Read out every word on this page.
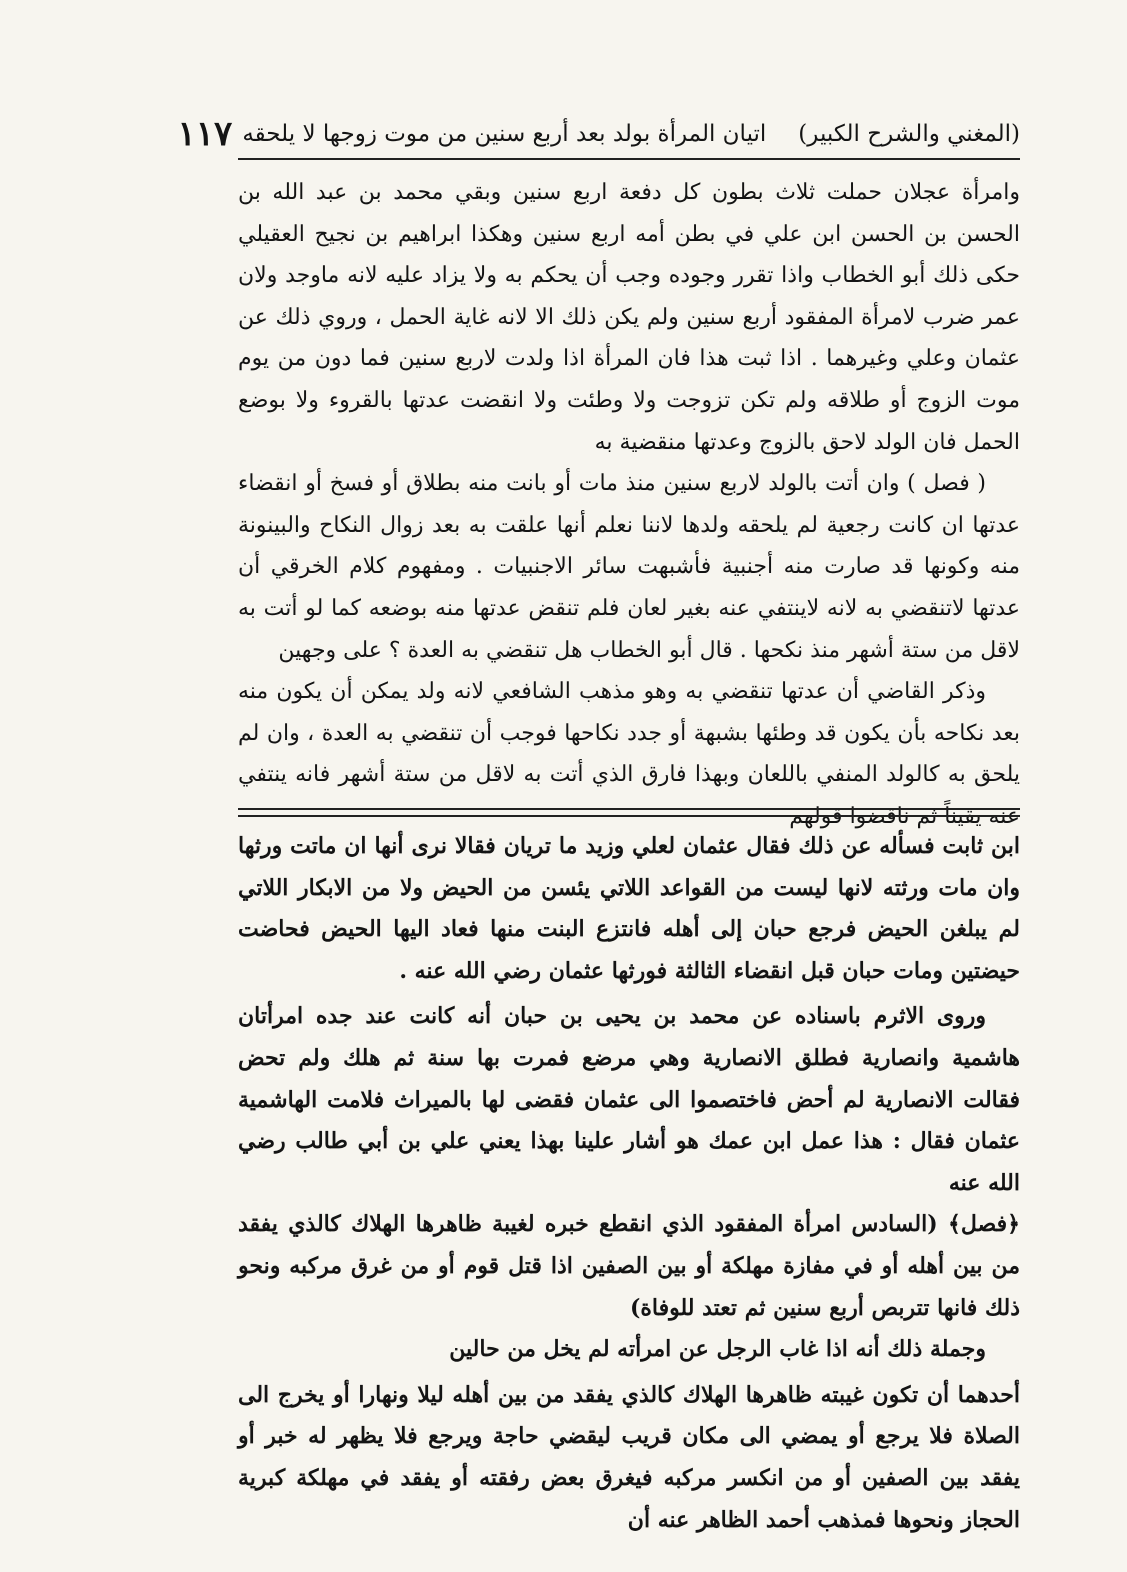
(المغني والشرح الكبير)
اتيان المرأة بولد بعد أربع سنين من موت زوجها لا يلحقه
١١٧

وامرأة عجلان حملت ثلاث بطون كل دفعة اربع سنين وبقي محمد بن عبد الله بن الحسن بن الحسن ابن علي في بطن أمه اربع سنين وهكذا ابراهيم بن نجيح العقيلي حكى ذلك أبو الخطاب واذا تقرر وجوده وجب أن يحكم به ولا يزاد عليه لانه ماوجد ولان عمر ضرب لامرأة المفقود أربع سنين ولم يكن ذلك الا لانه غاية الحمل ، وروي ذلك عن عثمان وعلي وغيرهما . اذا ثبت هذا فان المرأة اذا ولدت لاربع سنين فما دون من يوم موت الزوج أو طلاقه ولم تكن تزوجت ولا وطئت ولا انقضت عدتها بالقروء ولا بوضع الحمل فان الولد لاحق بالزوج وعدتها منقضية به

( فصل ) وان أتت بالولد لاربع سنين منذ مات أو بانت منه بطلاق أو فسخ أو انقضاء عدتها ان كانت رجعية لم يلحقه ولدها لاننا نعلم أنها علقت به بعد زوال النكاح والبينونة منه وكونها قد صارت منه أجنبية فأشبهت سائر الاجنبيات . ومفهوم كلام الخرقي أن عدتها لاتنقضي به لانه لاينتفي عنه بغير لعان فلم تنقض عدتها منه بوضعه كما لو أتت به لاقل من ستة أشهر منذ نكحها . قال أبو الخطاب هل تنقضي به العدة ؟ على وجهين

وذكر القاضي أن عدتها تنقضي به وهو مذهب الشافعي لانه ولد يمكن أن يكون منه بعد نكاحه بأن يكون قد وطئها بشبهة أو جدد نكاحها فوجب أن تنقضي به العدة ، وان لم يلحق به كالولد المنفي باللعان وبهذا فارق الذي أتت به لاقل من ستة أشهر فانه ينتفي عنه يقيناً ثم ناقضوا قولهم

ابن ثابت فسأله عن ذلك فقال عثمان لعلي وزيد ما تريان فقالا نرى أنها ان ماتت ورثها وان مات ورثته لانها ليست من القواعد اللاتي يئسن من الحيض ولا من الابكار اللاتي لم يبلغن الحيض فرجع حبان إلى أهله فانتزع البنت منها فعاد اليها الحيض فحاضت حيضتين ومات حبان قبل انقضاء الثالثة فورثها عثمان رضي الله عنه .

وروى الاثرم باسناده عن محمد بن يحيى بن حبان أنه كانت عند جده امرأتان هاشمية وانصارية فطلق الانصارية وهي مرضع فمرت بها سنة ثم هلك ولم تحض فقالت الانصارية لم أحض فاختصموا الى عثمان فقضى لها بالميراث فلامت الهاشمية عثمان فقال : هذا عمل ابن عمك هو أشار علينا بهذا يعني علي بن أبي طالب رضي الله عنه

﴿فصل﴾ (السادس امرأة المفقود الذي انقطع خبره لغيبة ظاهرها الهلاك كالذي يفقد من بين أهله أو في مفازة مهلكة أو بين الصفين اذا قتل قوم أو من غرق مركبه ونحو ذلك فانها تتربص أربع سنين ثم تعتد للوفاة)

وجملة ذلك أنه اذا غاب الرجل عن امرأته لم يخل من حالين

أحدهما أن تكون غيبته ظاهرها الهلاك كالذي يفقد من بين أهله ليلا ونهارا أو يخرج الى الصلاة فلا يرجع أو يمضي الى مكان قريب ليقضي حاجة ويرجع فلا يظهر له خبر أو يفقد بين الصفين أو من انكسر مركبه فيغرق بعض رفقته أو يفقد في مهلكة كبرية الحجاز ونحوها فمذهب أحمد الظاهر عنه أن
